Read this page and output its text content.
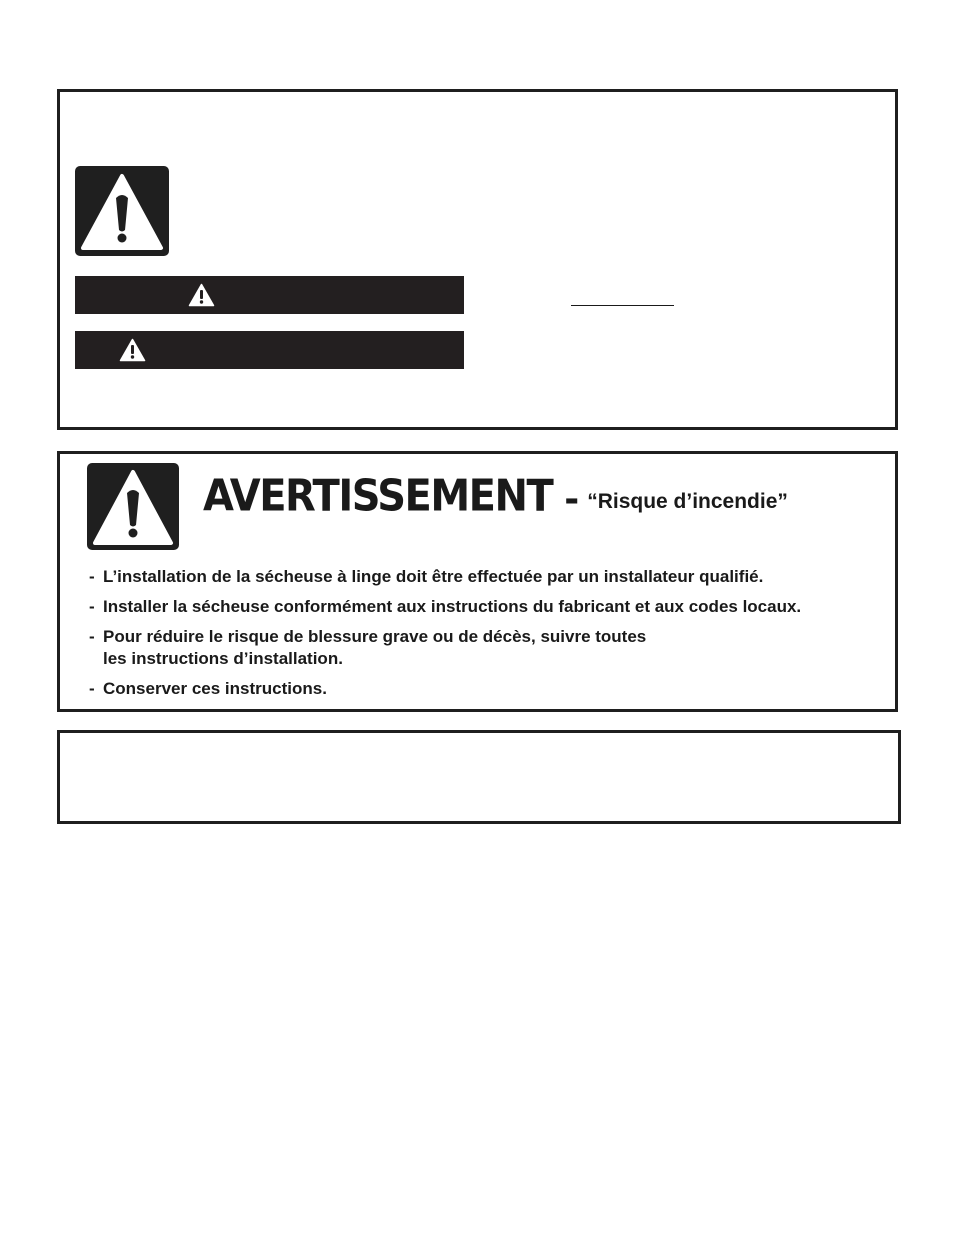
AVERTISSEMENT - “Risque d’incendie”
- L’installation de la sécheuse à linge doit être effectuée par un installateur qualifié.
- Installer la sécheuse conformément aux instructions du fabricant et aux codes locaux.
- Pour réduire le risque de blessure grave ou de décès, suivre toutes
les instructions d’installation.
- Conserver ces instructions.
